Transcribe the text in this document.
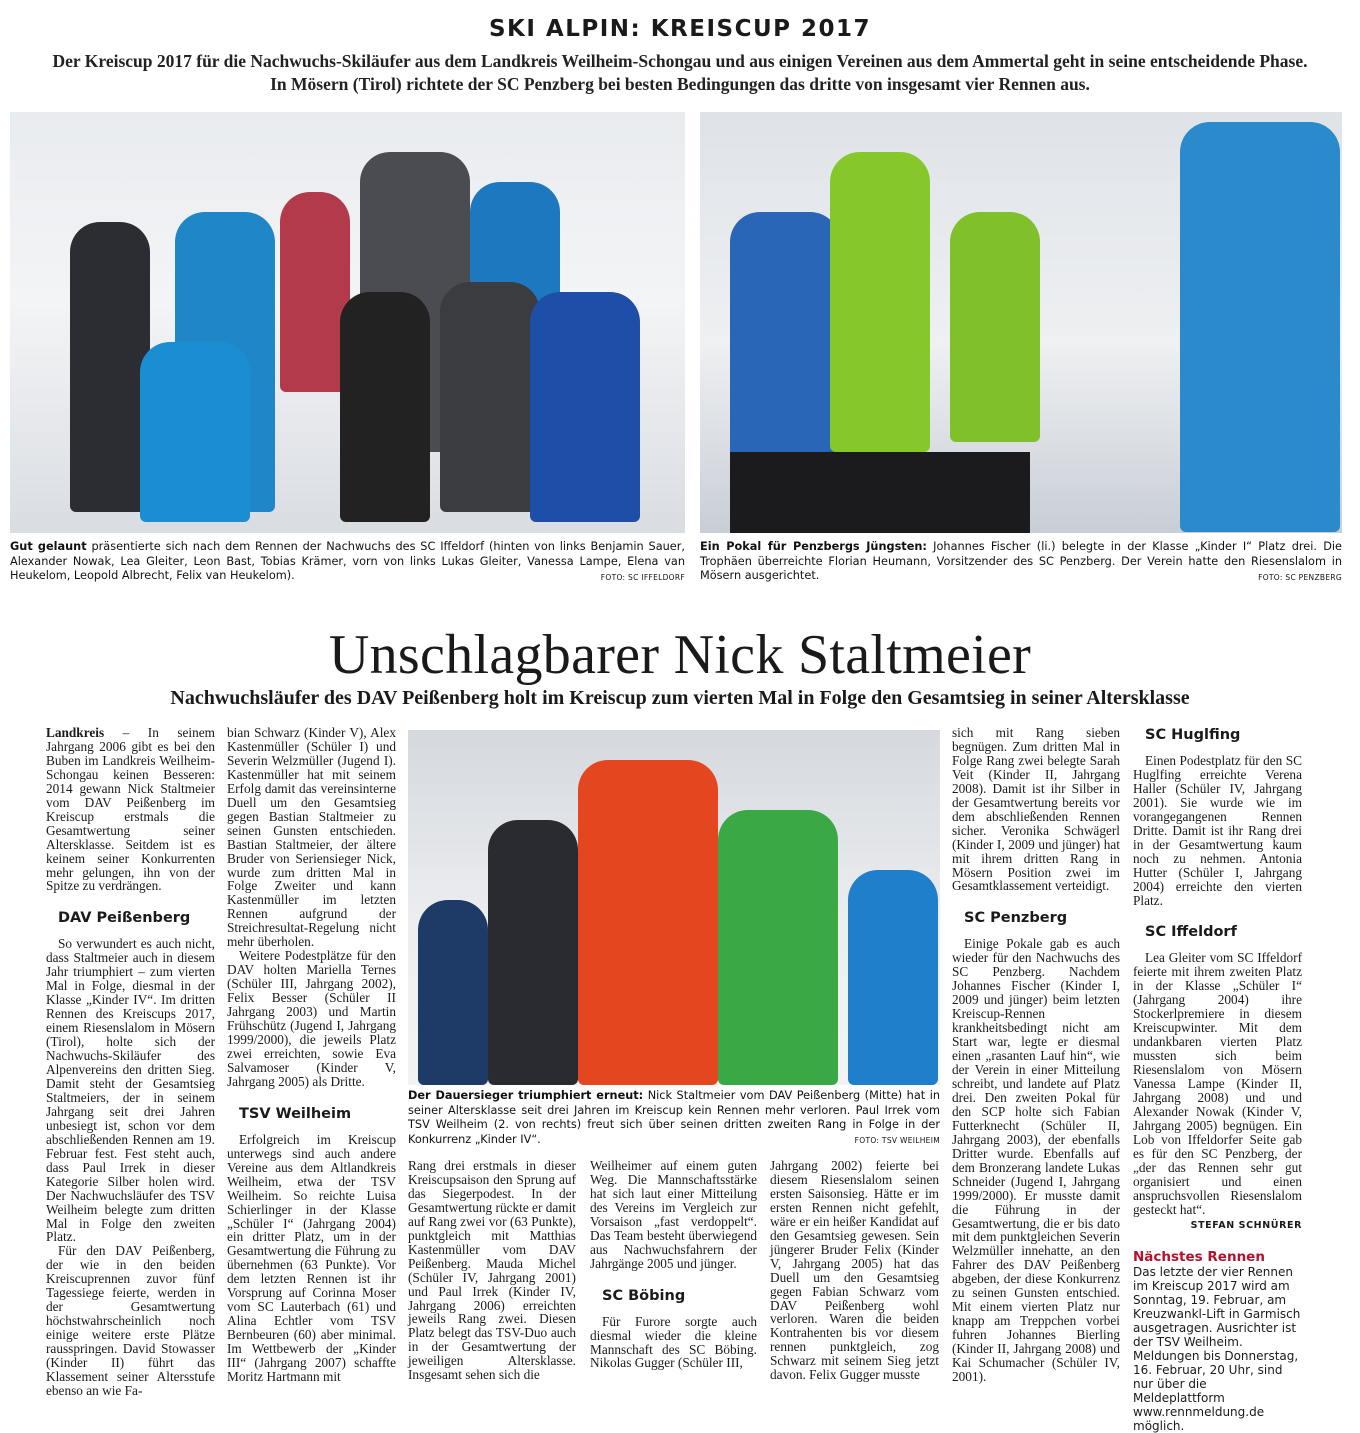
SKI ALPIN: KREISCUP 2017
Der Kreiscup 2017 für die Nachwuchs-Skiläufer aus dem Landkreis Weilheim-Schongau und aus einigen Vereinen aus dem Ammertal geht in seine entscheidende Phase.
In Mösern (Tirol) richtete der SC Penzberg bei besten Bedingungen das dritte von insgesamt vier Rennen aus.
Gut gelaunt präsentierte sich nach dem Rennen der Nachwuchs des SC Iffeldorf (hinten von links Benjamin Sauer, Alexander Nowak, Lea Gleiter, Leon Bast, Tobias Krämer, vorn von links Lukas Gleiter, Vanessa Lampe, Elena van Heukelom, Leopold Albrecht, Felix van Heukelom).	FOTO: SC IFFELDORF
Ein Pokal für Penzbergs Jüngsten: Johannes Fischer (li.) belegte in der Klasse „Kinder I“ Platz drei. Die Trophäen überreichte Florian Heumann, Vorsitzender des SC Penzberg. Der Verein hatte den Riesenslalom in Mösern ausgerichtet.	FOTO: SC PENZBERG
Unschlagbarer Nick Staltmeier
Nachwuchsläufer des DAV Peißenberg holt im Kreiscup zum vierten Mal in Folge den Gesamtsieg in seiner Altersklasse
Der Dauersieger triumphiert erneut: Nick Staltmeier vom DAV Peißenberg (Mitte) hat in seiner Altersklasse seit drei Jahren im Kreiscup kein Rennen mehr verloren. Paul Irrek vom TSV Weilheim (2. von rechts) freut sich über seinen dritten zweiten Rang in Folge in der Konkurrenz „Kinder IV“.	FOTO: TSV WEILHEIM

Landkreis – In seinem Jahrgang 2006 gibt es bei den Buben im Landkreis Weilheim-Schongau keinen Besseren: 2014 gewann Nick Staltmeier vom DAV Peißenberg im Kreiscup erstmals die Gesamtwertung seiner Altersklasse. Seitdem ist es keinem seiner Konkurrenten mehr gelungen, ihn von der Spitze zu verdrängen.

DAV Peißenberg

So verwundert es auch nicht, dass Staltmeier auch in diesem Jahr triumphiert – zum vierten Mal in Folge, diesmal in der Klasse „Kinder IV“. Im dritten Rennen des Kreiscups 2017, einem Riesenslalom in Mösern (Tirol), holte sich der Nachwuchs-Skiläufer des Alpenvereins den dritten Sieg. Damit steht der Gesamtsieg Staltmeiers, der in seinem Jahrgang seit drei Jahren unbesiegt ist, schon vor dem abschließenden Rennen am 19. Februar fest. Fest steht auch, dass Paul Irrek in dieser Kategorie Silber holen wird. Der Nachwuchsläufer des TSV Weilheim belegte zum dritten Mal in Folge den zweiten Platz.

Für den DAV Peißenberg, der wie in den beiden Kreiscuprennen zuvor fünf Tagessiege feierte, werden in der Gesamtwertung höchstwahrscheinlich noch einige weitere erste Plätze rausspringen. David Stowasser (Kinder II) führt das Klassement seiner Altersstufe ebenso an wie Fa-

bian Schwarz (Kinder V), Alex Kastenmüller (Schüler I) und Severin Welzmüller (Jugend I). Kastenmüller hat mit seinem Erfolg damit das vereinsinterne Duell um den Gesamtsieg gegen Bastian Staltmeier zu seinen Gunsten entschieden. Bastian Staltmeier, der ältere Bruder von Seriensieger Nick, wurde zum dritten Mal in Folge Zweiter und kann Kastenmüller im letzten Rennen aufgrund der Streichresultat-Regelung nicht mehr überholen.

Weitere Podestplätze für den DAV holten Mariella Ternes (Schüler III, Jahrgang 2002), Felix Besser (Schüler II Jahrgang 2003) und Martin Frühschütz (Jugend I, Jahrgang 1999/2000), die jeweils Platz zwei erreichten, sowie Eva Salvamoser (Kinder V, Jahrgang 2005) als Dritte.

TSV Weilheim

Erfolgreich im Kreiscup unterwegs sind auch andere Vereine aus dem Altlandkreis Weilheim, etwa der TSV Weilheim. So reichte Luisa Schierlinger in der Klasse „Schüler I“ (Jahrgang 2004) ein dritter Platz, um in der Gesamtwertung die Führung zu übernehmen (63 Punkte). Vor dem letzten Rennen ist ihr Vorsprung auf Corinna Moser vom SC Lauterbach (61) und Alina Echtler vom TSV Bernbeuren (60) aber minimal. Im Wettbewerb der „Kinder III“ (Jahrgang 2007) schaffte Moritz Hartmann mit

Rang drei erstmals in dieser Kreiscupsaison den Sprung auf das Siegerpodest. In der Gesamtwertung rückte er damit auf Rang zwei vor (63 Punkte), punktgleich mit Matthias Kastenmüller vom DAV Peißenberg. Mauda Michel (Schüler IV, Jahrgang 2001) und Paul Irrek (Kinder IV, Jahrgang 2006) erreichten jeweils Rang zwei. Diesen Platz belegt das TSV-Duo auch in der Gesamtwertung der jeweiligen Altersklasse. Insgesamt sehen sich die

Weilheimer auf einem guten Weg. Die Mannschaftsstärke hat sich laut einer Mitteilung des Vereins im Vergleich zur Vorsaison „fast verdoppelt“. Das Team besteht überwiegend aus Nachwuchsfahrern der Jahrgänge 2005 und jünger.

SC Böbing

Für Furore sorgte auch diesmal wieder die kleine Mannschaft des SC Böbing. Nikolas Gugger (Schüler III,

Jahrgang 2002) feierte bei diesem Riesenslalom seinen ersten Saisonsieg. Hätte er im ersten Rennen nicht gefehlt, wäre er ein heißer Kandidat auf den Gesamtsieg gewesen. Sein jüngerer Bruder Felix (Kinder V, Jahrgang 2005) hat das Duell um den Gesamtsieg gegen Fabian Schwarz vom DAV Peißenberg wohl verloren. Waren die beiden Kontrahenten bis vor diesem rennen punktgleich, zog Schwarz mit seinem Sieg jetzt davon. Felix Gugger musste

sich mit Rang sieben begnügen. Zum dritten Mal in Folge Rang zwei belegte Sarah Veit (Kinder II, Jahrgang 2008). Damit ist ihr Silber in der Gesamtwertung bereits vor dem abschließenden Rennen sicher. Veronika Schwägerl (Kinder I, 2009 und jünger) hat mit ihrem dritten Rang in Mösern Position zwei im Gesamtklassement verteidigt.

SC Penzberg

Einige Pokale gab es auch wieder für den Nachwuchs des SC Penzberg. Nachdem Johannes Fischer (Kinder I, 2009 und jünger) beim letzten Kreiscup-Rennen krankheitsbedingt nicht am Start war, legte er diesmal einen „rasanten Lauf hin“, wie der Verein in einer Mitteilung schreibt, und landete auf Platz drei. Den zweiten Pokal für den SCP holte sich Fabian Futterknecht (Schüler II, Jahrgang 2003), der ebenfalls Dritter wurde. Ebenfalls auf dem Bronzerang landete Lukas Schneider (Jugend I, Jahrgang 1999/2000). Er musste damit die Führung in der Gesamtwertung, die er bis dato mit dem punktgleichen Severin Welzmüller innehatte, an den Fahrer des DAV Peißenberg abgeben, der diese Konkurrenz zu seinen Gunsten entschied. Mit einem vierten Platz nur knapp am Treppchen vorbei fuhren Johannes Bierling (Kinder II, Jahrgang 2008) und Kai Schumacher (Schüler IV, 2001).

SC Huglfing

Einen Podestplatz für den SC Huglfing erreichte Verena Haller (Schüler IV, Jahrgang 2001). Sie wurde wie im vorangegangenen Rennen Dritte. Damit ist ihr Rang drei in der Gesamtwertung kaum noch zu nehmen. Antonia Hutter (Schüler I, Jahrgang 2004) erreichte den vierten Platz.

SC Iffeldorf

Lea Gleiter vom SC Iffeldorf feierte mit ihrem zweiten Platz in der Klasse „Schüler I“ (Jahrgang 2004) ihre Stockerlpremiere in diesem Kreiscupwinter. Mit dem undankbaren vierten Platz mussten sich beim Riesenslalom von Mösern Vanessa Lampe (Kinder II, Jahrgang 2008) und und Alexander Nowak (Kinder V, Jahrgang 2005) begnügen. Ein Lob von Iffeldorfer Seite gab es für den SC Penzberg, der „der das Rennen sehr gut organisiert und einen anspruchsvollen Riesenslalom gesteckt hat“.

STEFAN SCHNÜRER
Nächstes Rennen

Das letzte der vier Rennen im Kreiscup 2017 wird am Sonntag, 19. Februar, am Kreuzwankl-Lift in Garmisch ausgetragen. Ausrichter ist der TSV Weilheim. Meldungen bis Donnerstag, 16. Februar, 20 Uhr, sind nur über die Meldeplattform www.rennmeldung.de möglich.
